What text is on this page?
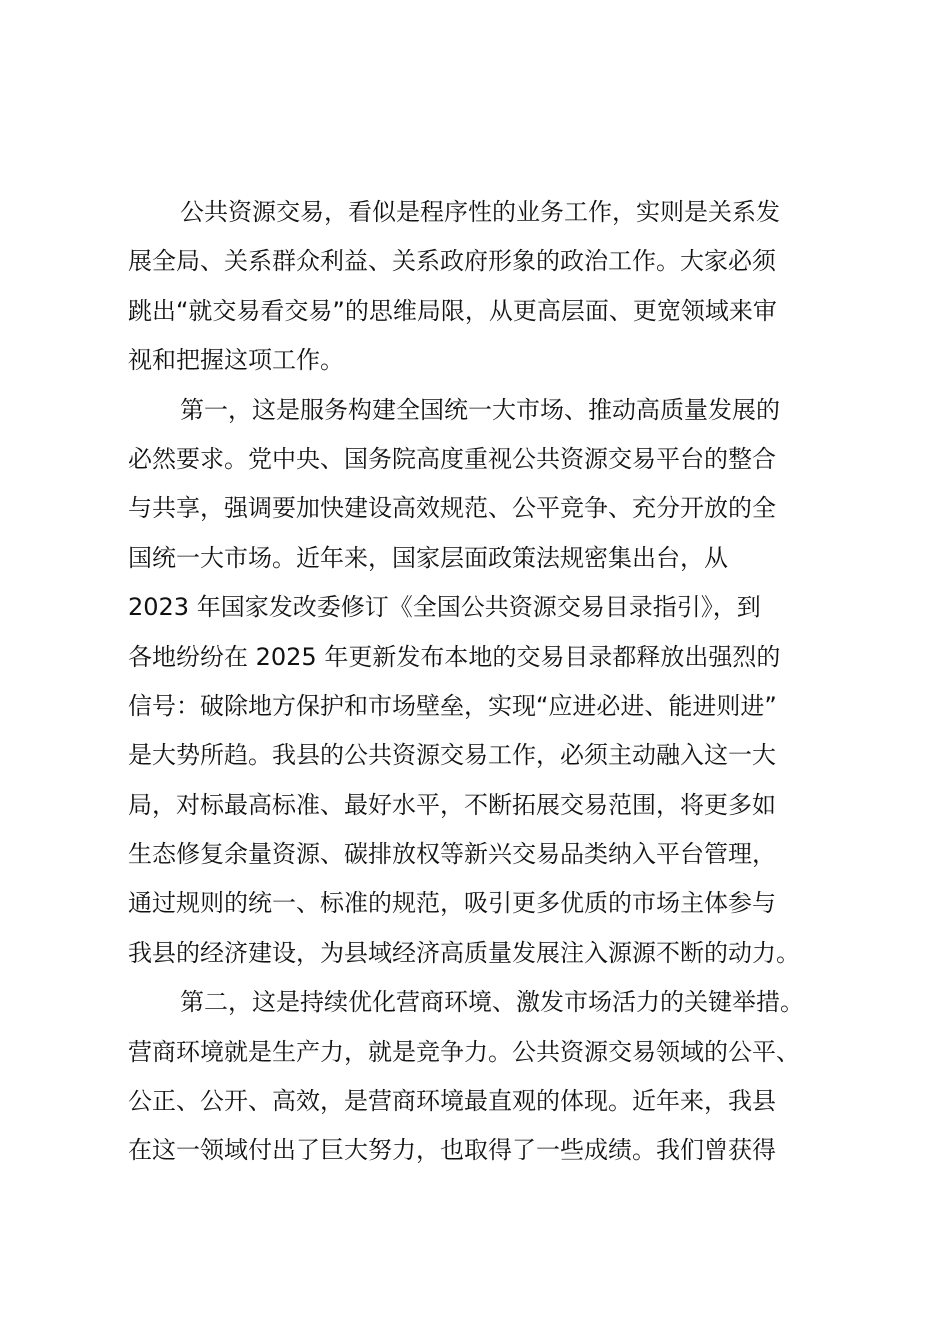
公共资源交易，看似是程序性的业务工作，实则是关系发
展全局、关系群众利益、关系政府形象的政治工作。大家必须
跳出“就交易看交易”的思维局限，从更高层面、更宽领域来审
视和把握这项工作。
第一，这是服务构建全国统一大市场、推动高质量发展的
必然要求。党中央、国务院高度重视公共资源交易平台的整合
与共享，强调要加快建设高效规范、公平竞争、充分开放的全
国统一大市场。近年来，国家层面政策法规密集出台，从
2023 年国家发改委修订《全国公共资源交易目录指引》，到
各地纷纷在 2025 年更新发布本地的交易目录都释放出强烈的
信号：破除地方保护和市场壁垒，实现“应进必进、能进则进”
是大势所趋。我县的公共资源交易工作，必须主动融入这一大
局，对标最高标准、最好水平，不断拓展交易范围，将更多如
生态修复余量资源、碳排放权等新兴交易品类纳入平台管理，
通过规则的统一、标准的规范，吸引更多优质的市场主体参与
我县的经济建设，为县域经济高质量发展注入源源不断的动力。
第二，这是持续优化营商环境、激发市场活力的关键举措。
营商环境就是生产力，就是竞争力。公共资源交易领域的公平、
公正、公开、高效，是营商环境最直观的体现。近年来，我县
在这一领域付出了巨大努力，也取得了一些成绩。我们曾获得
